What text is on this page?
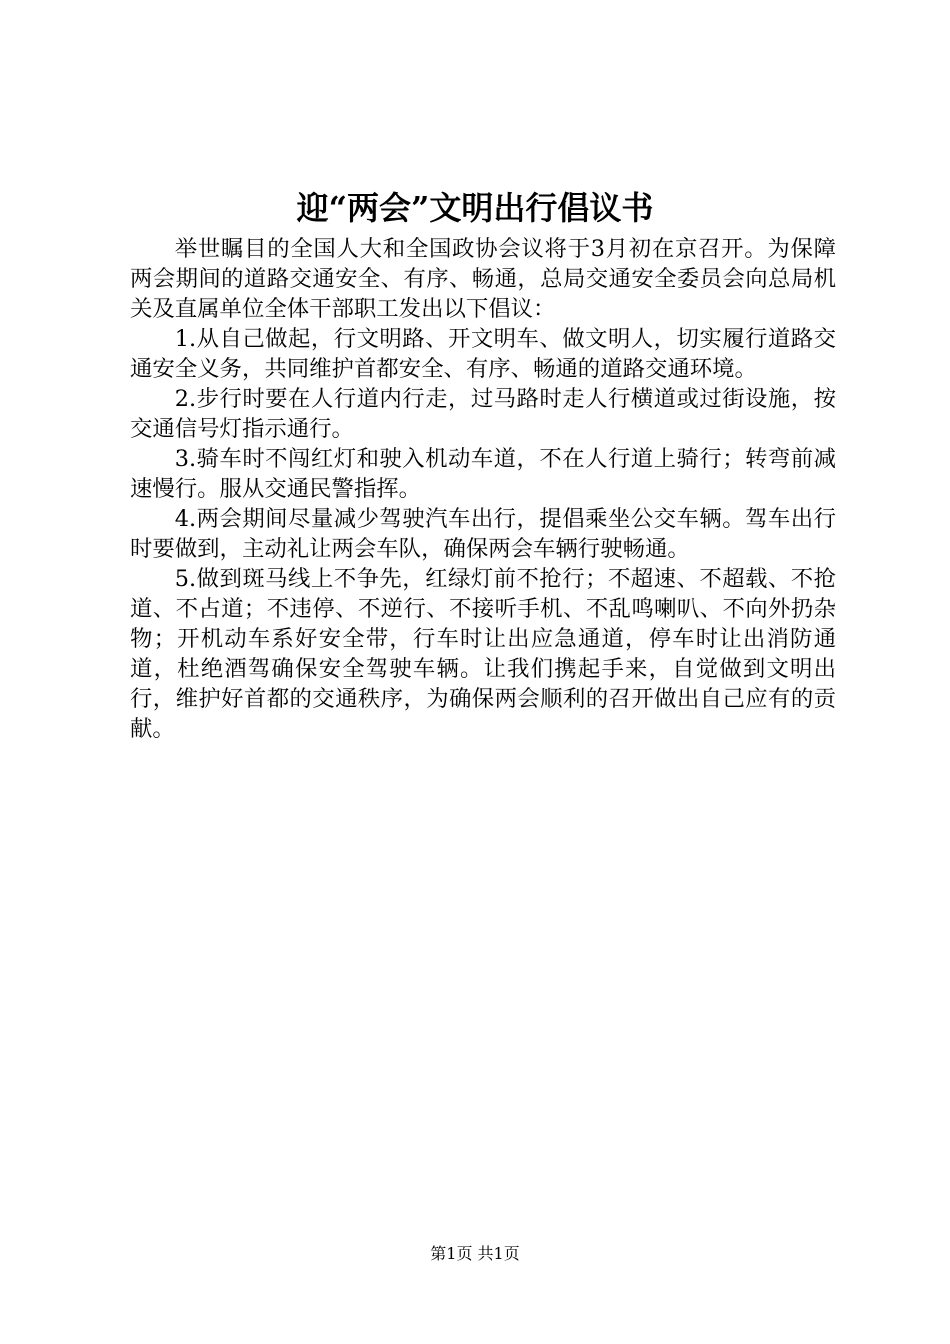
迎“两会”文明出行倡议书

举世瞩目的全国人大和全国政协会议将于3月初在京召开。为保障两会期间的道路交通安全、有序、畅通，总局交通安全委员会向总局机关及直属单位全体干部职工发出以下倡议：

1.从自己做起，行文明路、开文明车、做文明人，切实履行道路交通安全义务，共同维护首都安全、有序、畅通的道路交通环境。

2.步行时要在人行道内行走，过马路时走人行横道或过街设施，按交通信号灯指示通行。

3.骑车时不闯红灯和驶入机动车道，不在人行道上骑行；转弯前减速慢行。服从交通民警指挥。

4.两会期间尽量减少驾驶汽车出行，提倡乘坐公交车辆。驾车出行时要做到，主动礼让两会车队，确保两会车辆行驶畅通。

5.做到斑马线上不争先，红绿灯前不抢行；不超速、不超载、不抢道、不占道；不违停、不逆行、不接听手机、不乱鸣喇叭、不向外扔杂物；开机动车系好安全带，行车时让出应急通道，停车时让出消防通道，杜绝酒驾确保安全驾驶车辆。让我们携起手来，自觉做到文明出行，维护好首都的交通秩序，为确保两会顺利的召开做出自己应有的贡献。

第1页 共1页
